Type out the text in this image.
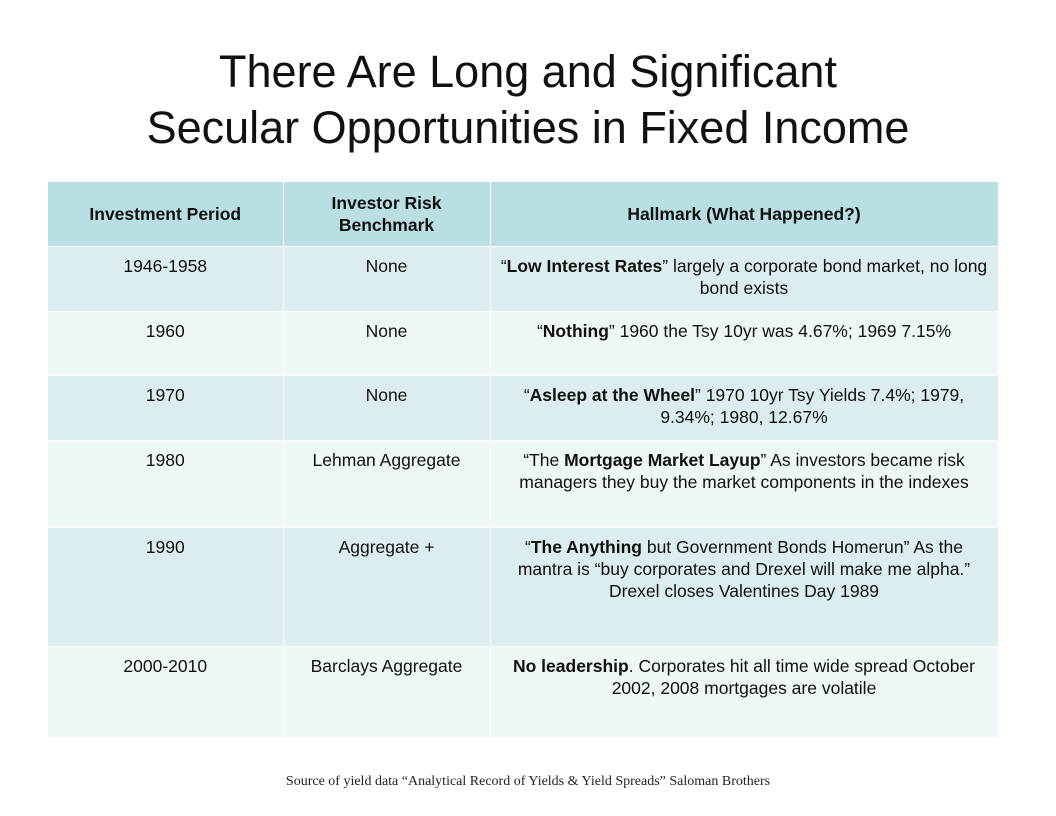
There Are Long and Significant
Secular Opportunities in Fixed Income
Investment Period	Investor Risk Benchmark	Hallmark (What Happened?)
1946-1958	None	“Low Interest Rates” largely a corporate bond market, no long bond exists
1960	None	“Nothing” 1960 the Tsy 10yr was 4.67%; 1969 7.15%
1970	None	“Asleep at the Wheel” 1970 10yr Tsy Yields 7.4%; 1979, 9.34%; 1980, 12.67%
1980	Lehman Aggregate	“The Mortgage Market Layup” As investors became risk managers they buy the market components in the indexes
1990	Aggregate +	“The Anything but Government Bonds Homerun” As the mantra is “buy corporates and Drexel will make me alpha.” Drexel closes Valentines Day 1989
2000-2010	Barclays Aggregate	No leadership. Corporates hit all time wide spread October 2002, 2008 mortgages are volatile
Source of yield data “Analytical Record of Yields & Yield Spreads” Saloman Brothers
